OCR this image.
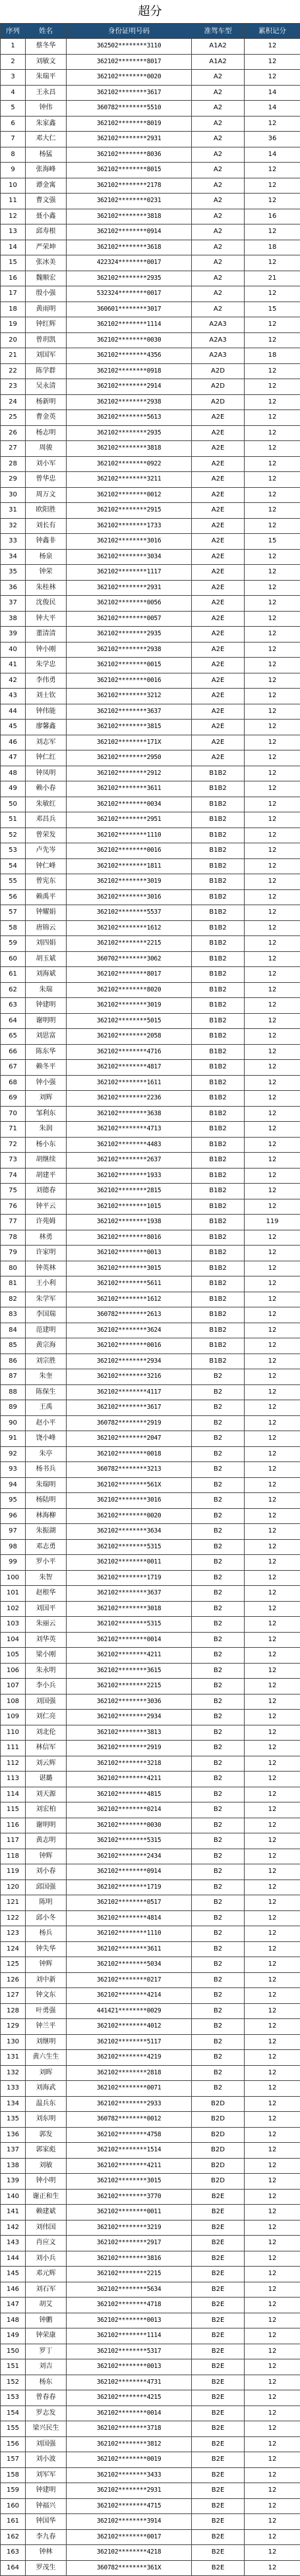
超分
序列	姓名	身份证明号码	准驾车型	累积记分
1	蔡冬华	362502********3110	A1A2	12
2	刘敏文	362102********8017	A1A2	12
3	朱瑞平	362102********0020	A2	12
4	王永昌	362102********3617	A2	14
5	钟伟	360782********5510	A2	14
6	朱家鑫	362102********8019	A2	12
7	邓大仁	362102********2931	A2	36
8	杨猛	362102********8036	A2	14
9	张海峰	362102********8015	A2	12
10	谭金寓	362102********2178	A2	12
11	曹文强	362102********0231	A2	12
12	聂小鑫	362102********3818	A2	16
13	邱寿根	362102********0914	A2	12
14	严荣坤	362102********3618	A2	18
15	张冰美	422324********0017	A2	12
16	魏顺宏	362102********2935	A2	21
17	殷小强	532324********0017	A2	12
18	黄雨明	360601********3017	A2	15
19	钟红辉	362102********1114	A2A3	12
20	曾玥凯	362102********0030	A2A3	12
21	刘国军	362102********4356	A2A3	18
22	陈学群	362102********0918	A2D	12
23	吴永清	362102********2914	A2D	12
24	杨新明	362102********2938	A2D	12
25	曹金英	362102********5613	A2E	12
26	杨志明	362102********2935	A2E	12
27	周骏	362102********3818	A2E	12
28	刘小军	362102********0922	A2E	12
29	曾华忠	362102********3211	A2E	12
30	周万文	362102********0012	A2E	12
31	欧阳胜	362102********2915	A2E	12
32	刘长有	362102********1733	A2E	12
33	钟鑫非	362102********3016	A2E	15
34	杨泉	362102********3034	A2E	12
35	钟荣	362102********1117	A2E	12
36	朱桂林	362102********2931	A2E	12
37	沈俊民	362102********0056	A2E	12
38	钟大平	362102********0057	A2E	12
39	董清清	362102********2935	A2E	12
40	钟小刚	362102********2938	A2E	12
41	朱学忠	362102********0015	A2E	12
42	李伟勇	362102********0016	A2E	12
43	刘士钦	362102********3212	A2E	12
44	钟伟能	362102********3637	A2E	12
45	廖馨鑫	362102********3815	A2E	12
46	刘志军	362102********171X	A2E	12
47	钟仁红	362102********2950	A2E	12
48	钟凤明	362102********2912	B1B2	12
49	赖小春	362102********3611	B1B2	12
50	朱敏红	362102********0034	B1B2	12
51	邓昌兵	362102********2951	B1B2	12
52	曾荣发	362102********1110	B1B2	12
53	卢先岑	362102********0016	B1B2	12
54	钟仁峰	362102********1811	B1B2	12
55	曾宪东	362102********3019	B1B2	12
56	赖禹平	362102********3016	B1B2	12
57	钟耀娟	362102********5537	B1B2	12
58	唐锦云	362102********1612	B1B2	12
59	刘四娟	362102********2215	B1B2	12
60	胡玉斌	360702********3062	B1B2	12
61	刘海斌	362102********8017	B1B2	12
62	朱瑞	362102********8020	B1B2	12
63	钟建明	362102********3019	B1B2	12
64	谢明明	362102********5015	B1B2	12
65	刘思富	362102********2058	B1B2	12
66	陈东华	362102********4716	B1B2	12
67	赖冬平	362102********4817	B1B2	12
68	钟小强	362102********1611	B1B2	12
69	刘辉	362102********2236	B1B2	12
70	邹利东	362102********3638	B1B2	12
71	朱润	362102********4713	B1B2	12
72	杨小东	362102********4483	B1B2	12
73	胡继续	362102********2637	B1B2	12
74	胡建平	362102********1933	B1B2	12
75	刘德春	362102********2815	B1B2	12
76	钟平云	362102********1015	B1B2	12
77	许苑姆	362102********1938	B1B2	119
78	林勇	362102********8016	B1B2	12
79	许家明	362102********0013	B1B2	12
80	钟英林	362102********3015	B1B2	12
81	王小利	362102********5611	B1B2	12
82	朱学军	362102********1612	B1B2	12
83	李国瑞	360782********2613	B1B2	12
84	范建明	362102********3624	B1B2	12
85	黄宗海	362102********0016	B1B2	12
86	刘宗胜	362102********2934	B1B2	12
87	朱奎	362102********3216	B2	12
88	陈保生	362102********4117	B2	12
89	王禹	362102********3617	B2	12
90	赵小平	360782********2919	B2	12
91	饶小峰	362102********2047	B2	12
92	朱亭	362102********0018	B2	12
93	杨书兵	360782********3213	B2	12
94	朱瑞明	362102********561X	B2	12
95	杨陆明	362102********3016	B2	12
96	林海柳	362102********0020	B2	12
97	朱振湖	362102********3634	B2	12
98	邓志勇	362102********5315	B2	12
99	罗小平	362102********0011	B2	12
100	朱智	362102********1719	B2	12
101	赵根华	362102********3637	B2	12
102	刘国平	362102********3018	B2	12
103	朱丽云	362102********5315	B2	12
104	刘华英	362102********0014	B2	12
105	梁小刚	362102********4211	B2	12
106	朱永明	362102********3615	B2	12
107	李小兵	362102********2215	B2	12
108	刘国强	362102********3036	B2	12
109	刘仁亮	362102********2934	B2	12
110	刘北伦	362102********3813	B2	12
111	林信军	362102********2919	B2	12
112	刘云辉	362102********3218	B2	12
113	谌璐	362102********4211	B2	12
114	刘天源	362102********4815	B2	12
115	刘宏柏	362102********0214	B2	12
116	谢明明	362102********0030	B2	12
117	黄志明	362102********5315	B2	12
118	钟辉	362102********2434	B2	12
119	刘小春	362102********0914	B2	12
120	邱国强	362102********1719	B2	12
121	陈明	362102********0517	B2	12
122	邱小冬	362102********4814	B2	12
123	杨兵	362102********1110	B2	12
124	钟失华	362102********3611	B2	12
125	钟辉	362102********5034	B2	12
126	刘中新	362102********0217	B2	12
127	钟文东	362102********4214	B2	12
128	叶勇强	441421********0029	B2	12
129	钟兰平	362102********4012	B2	12
130	刘继明	362102********5117	B2	12
131	黄六生生	362102********4219	B2	12
132	刘晖	362102********2818	B2	12
133	刘海武	362102********0071	B2	12
134	温兵东	362102********2933	B2D	12
135	刘东明	360782********0012	B2D	12
136	郭发	362102********4758	B2D	12
137	郭家彪	362102********1514	B2D	12
138	刘敏	362102********4211	B2D	12
139	钟小明	362102********3015	B2D	12
140	谢正和生	362102********3770	B2E	12
141	赖建斌	362102********0011	B2E	12
142	刘伟国	362102********3219	B2E	12
143	肖应文	362102********2917	B2E	12
144	刘小兵	362102********3816	B2E	12
145	邓元辉	362102********2215	B2E	12
146	刘石军	362102********5634	B2E	12
147	胡艾	362102********4718	B2E	12
148	钟鹏	362102********0013	B2E	12
149	钟荣康	362102********1114	B2E	12
150	罗丁	362102********5317	B2E	12
151	刘吉	362102********0013	B2E	12
152	杨东	362102********4731	B2E	12
153	曾春春	362102********4215	B2E	12
154	罗志发	362102********0014	B2E	12
155	梁兴民生	362102********3718	B2E	12
156	刘国强	362102********3812	B2E	12
157	刘小波	362102********0019	B2E	12
158	刘军军	362102********3433	B2E	12
159	钟建明	362102********2931	B2E	12
160	钟福兴	362102********4715	B2E	12
161	钟国华	362102********3914	B2E	12
162	李九春	362102********0017	B2E	12
163	钟林	362102********4218	B2E	12
164	罗茂生	360782********361X	B2E	12
